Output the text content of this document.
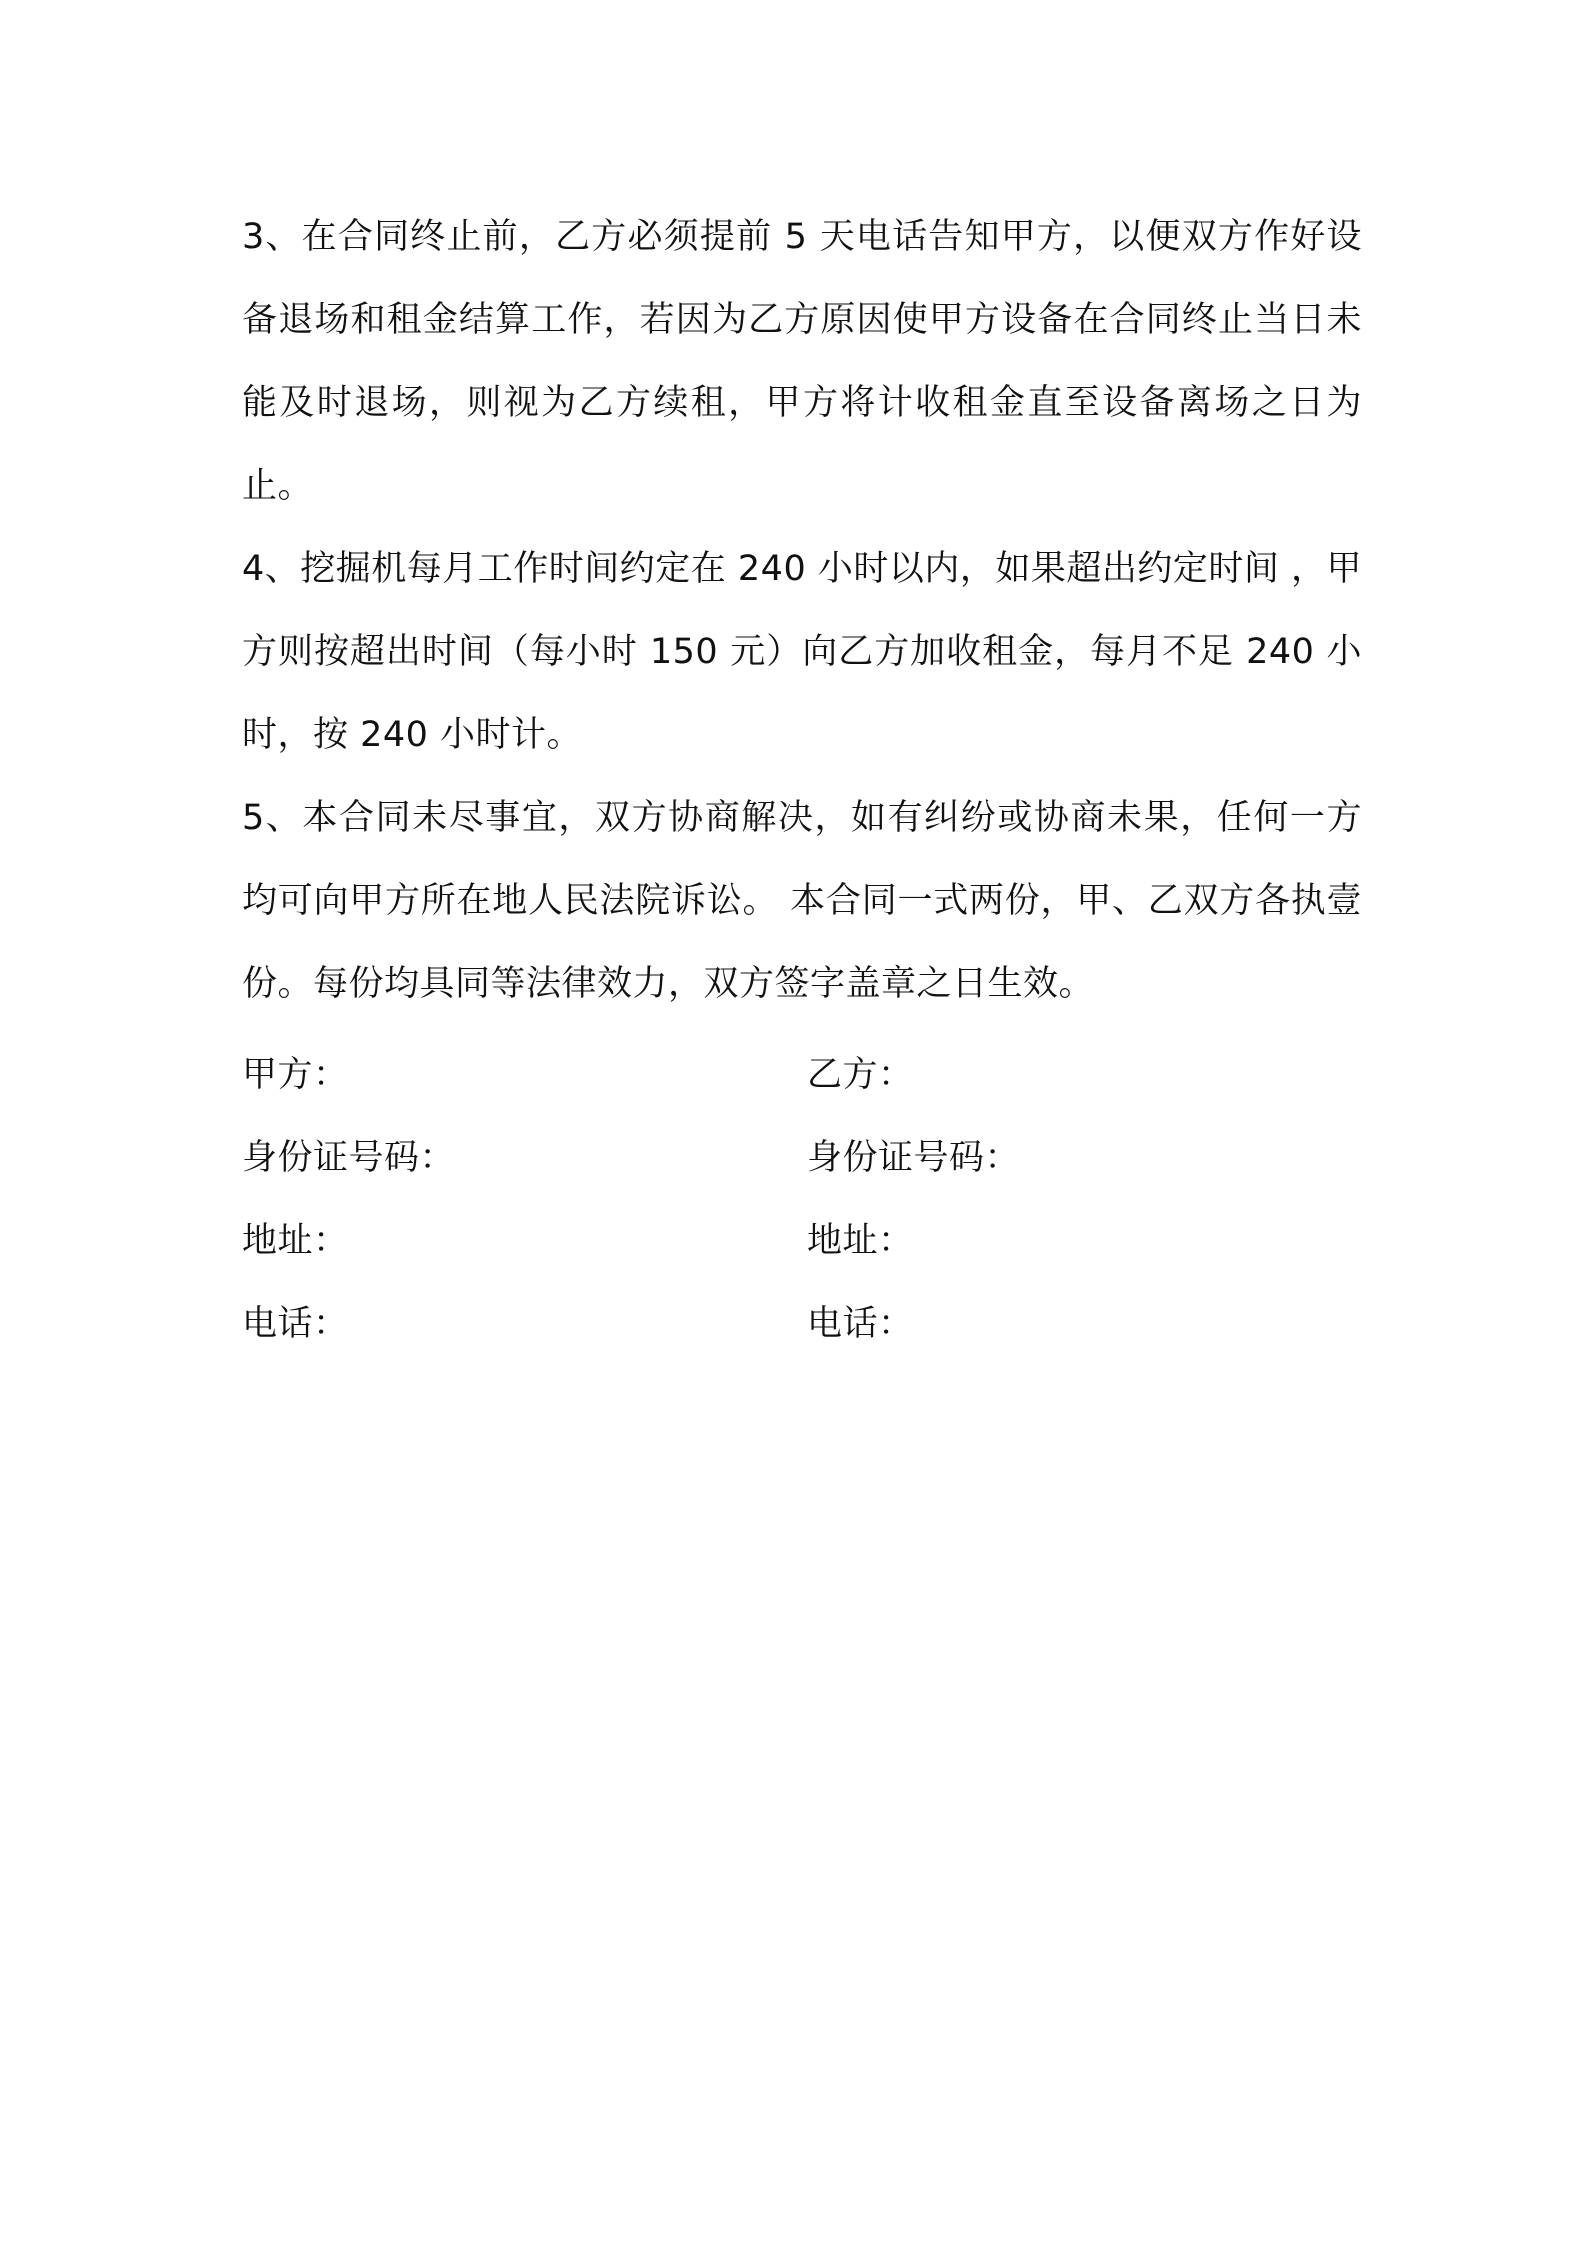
3、在合同终止前，乙方必须提前 5 天电话告知甲方，以便双方作好设备退场和租金结算工作，若因为乙方原因使甲方设备在合同终止当日未能及时退场，则视为乙方续租，甲方将计收租金直至设备离场之日为止。

4、挖掘机每月工作时间约定在 240 小时以内，如果超出约定时间 ，甲方则按超出时间（每小时 150 元）向乙方加收租金，每月不足 240 小时，按 240 小时计。

5、本合同未尽事宜，双方协商解决，如有纠纷或协商未果，任何一方均可向甲方所在地人民法院诉讼。 本合同一式两份，甲、乙双方各执壹份。每份均具同等法律效力，双方签字盖章之日生效。

甲方：	乙方：
身份证号码：	身份证号码：
地址：	地址：
电话：	电话：
